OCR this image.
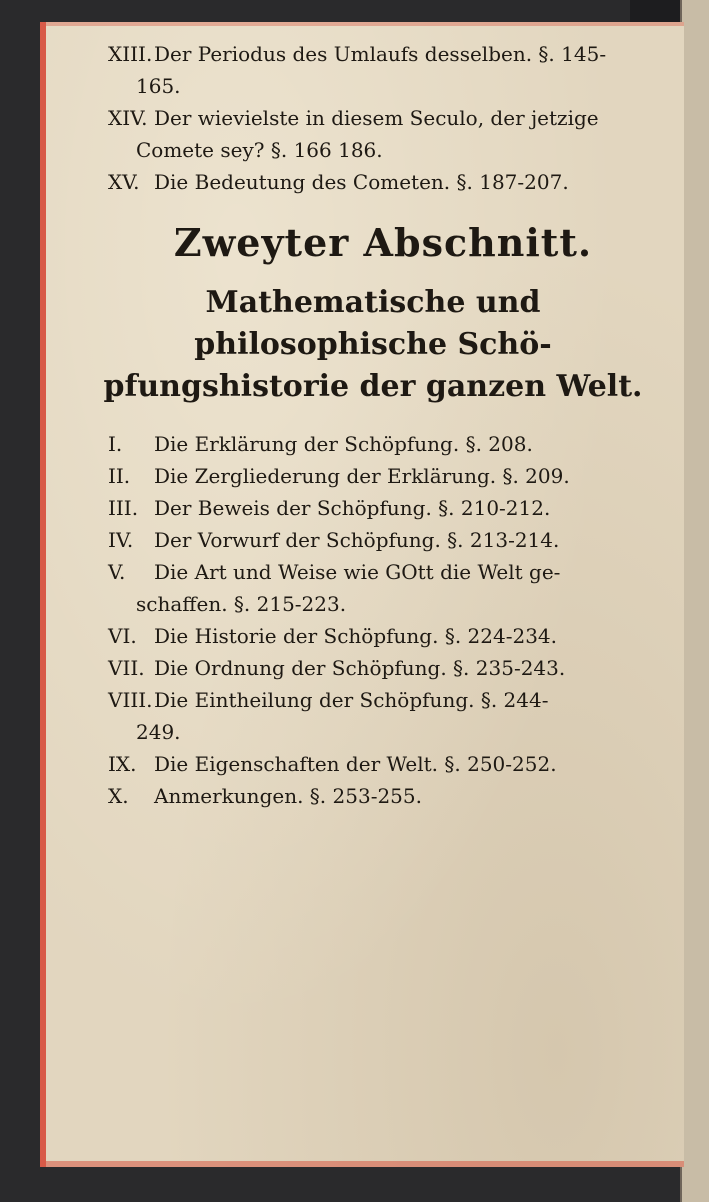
XIII.Der Periodus des Umlaufs desselben. §. 145-
165.
XIV. Der wievielste in diesem Seculo, der jetzige
Comete sey? §. 166 186.
XV. Die Bedeutung des Cometen. §. 187-207.
Zweyter Abschnitt.
Mathematische und philosophische Schö-
pfungshistorie der ganzen Welt.
I. Die Erklärung der Schöpfung. §. 208.
II. Die Zergliederung der Erklärung. §. 209.
III. Der Beweis der Schöpfung. §. 210-212.
IV. Der Vorwurf der Schöpfung. §. 213-214.
V. Die Art und Weise wie GOtt die Welt ge-
schaffen. §. 215-223.
VI. Die Historie der Schöpfung. §. 224-234.
VII. Die Ordnung der Schöpfung. §. 235-243.
VIII.Die Eintheilung der Schöpfung. §. 244-
249.
IX. Die Eigenschaften der Welt. §. 250-252.
X. Anmerkungen. §. 253-255.
